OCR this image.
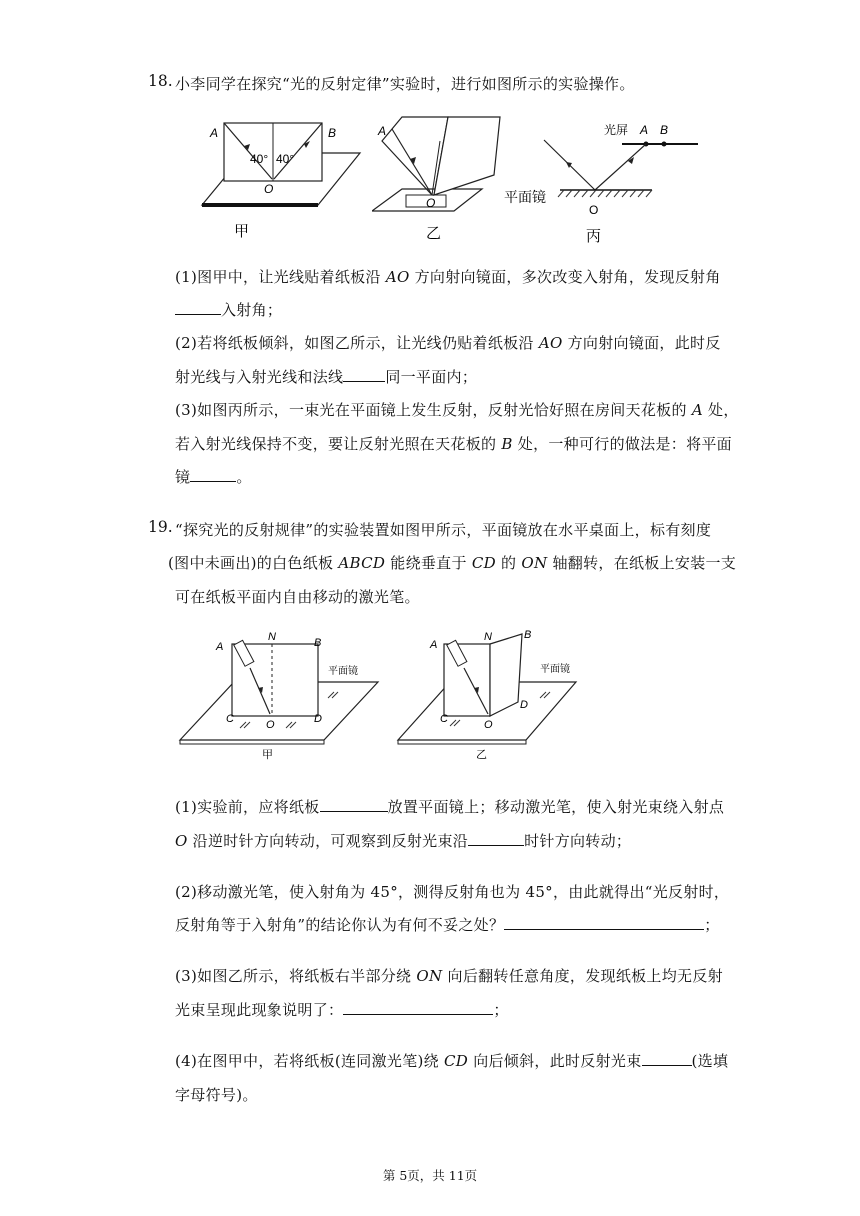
18. 小李同学在探究“光的反射定律”实验时，进行如图所示的实验操作。
A	B
40° 40°
O
甲
A
O
乙
光屏 A B
平面镜
O
丙
(1)图甲中，让光线贴着纸板沿 AO 方向射向镜面，多次改变入射角，发现反射角
入射角；
(2)若将纸板倾斜，如图乙所示，让光线仍贴着纸板沿 AO 方向射向镜面，此时反
射光线与入射光线和法线	同一平面内；
(3)如图丙所示，一束光在平面镜上发生反射，反射光恰好照在房间天花板的 A 处，
若入射光线保持不变，要让反射光照在天花板的 B 处，一种可行的做法是：将平面
镜	。
19. “探究光的反射规律”的实验装置如图甲所示，平面镜放在水平桌面上，标有刻度
(图中未画出)的白色纸板 ABCD 能绕垂直于 CD 的 ON 轴翻转，在纸板上安装一支
可在纸板平面内自由移动的激光笔。
A
N	B
C	O	D
平面镜
甲
A
N	B
C	O
D
平面镜
乙
(1)实验前，应将纸板	放置平面镜上；移动激光笔，使入射光束绕入射点
O 沿逆时针方向转动，可观察到反射光束沿	时针方向转动；
(2)移动激光笔，使入射角为 45°，测得反射角也为 45°，由此就得出“光反射时，
反射角等于入射角”的结论你认为有何不妥之处？	；
(3)如图乙所示，将纸板右半部分绕 ON 向后翻转任意角度，发现纸板上均无反射
光束呈现此现象说明了：	；
(4)在图甲中，若将纸板(连同激光笔)绕 CD 向后倾斜，此时反射光束	(选填
字母符号)。
第 5页，共 11页
